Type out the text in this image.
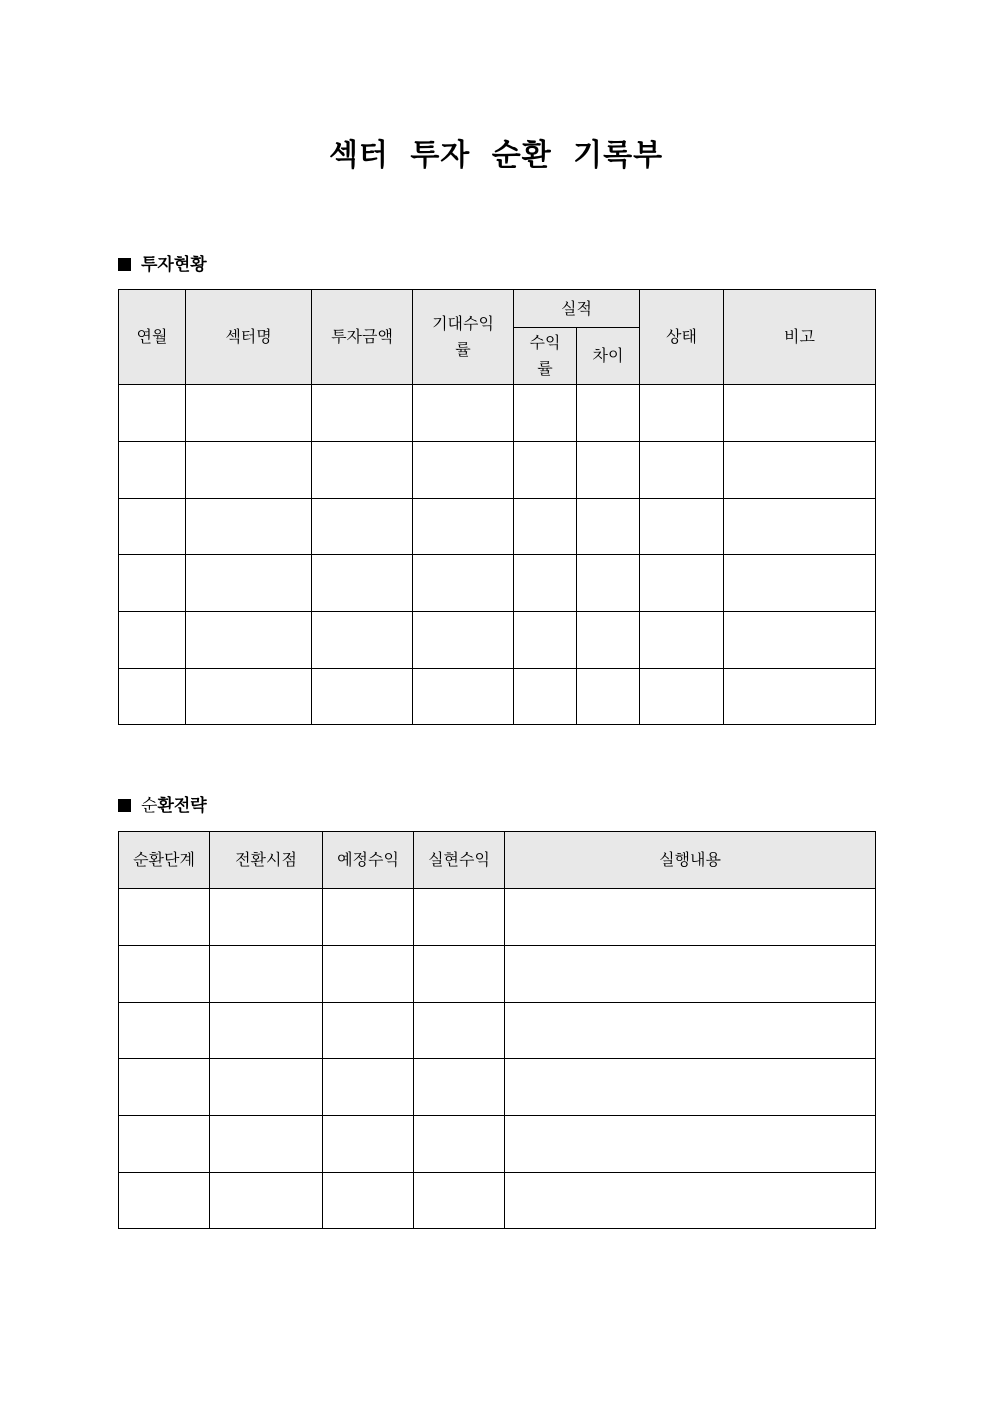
섹터 투자 순환 기록부
투자현황
연월	섹터명	투자금액	기대수익률	실적		상태	비고
				수익률	차이		

순환전략
순환단계	전환시점	예정수익	실현수익	실행내용
